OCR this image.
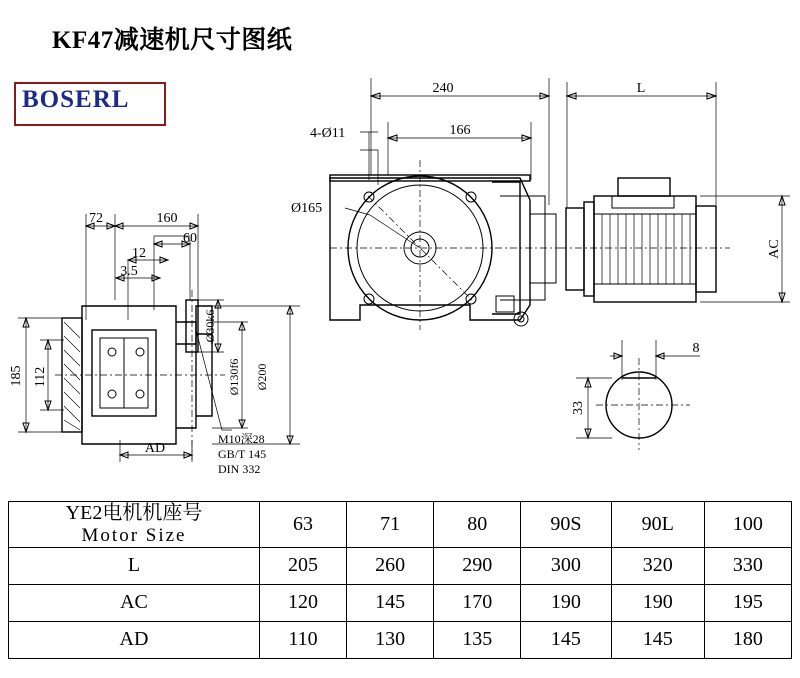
KF47减速机尺寸图纸
BOSERL	240	L
166
4-Ø11
Ø165
AC
72	160
60
12
3.5
185 112
AD
Ø30k6
Ø130f6 Ø200
M10深28
GB/T 145
DIN 332
8
33
YE2电机机座号
Motor Size	63	71	80	90S	90L	100
L	205	260	290	300	320	330
AC	120	145	170	190	190	195
AD	110	130	135	145	145	180
